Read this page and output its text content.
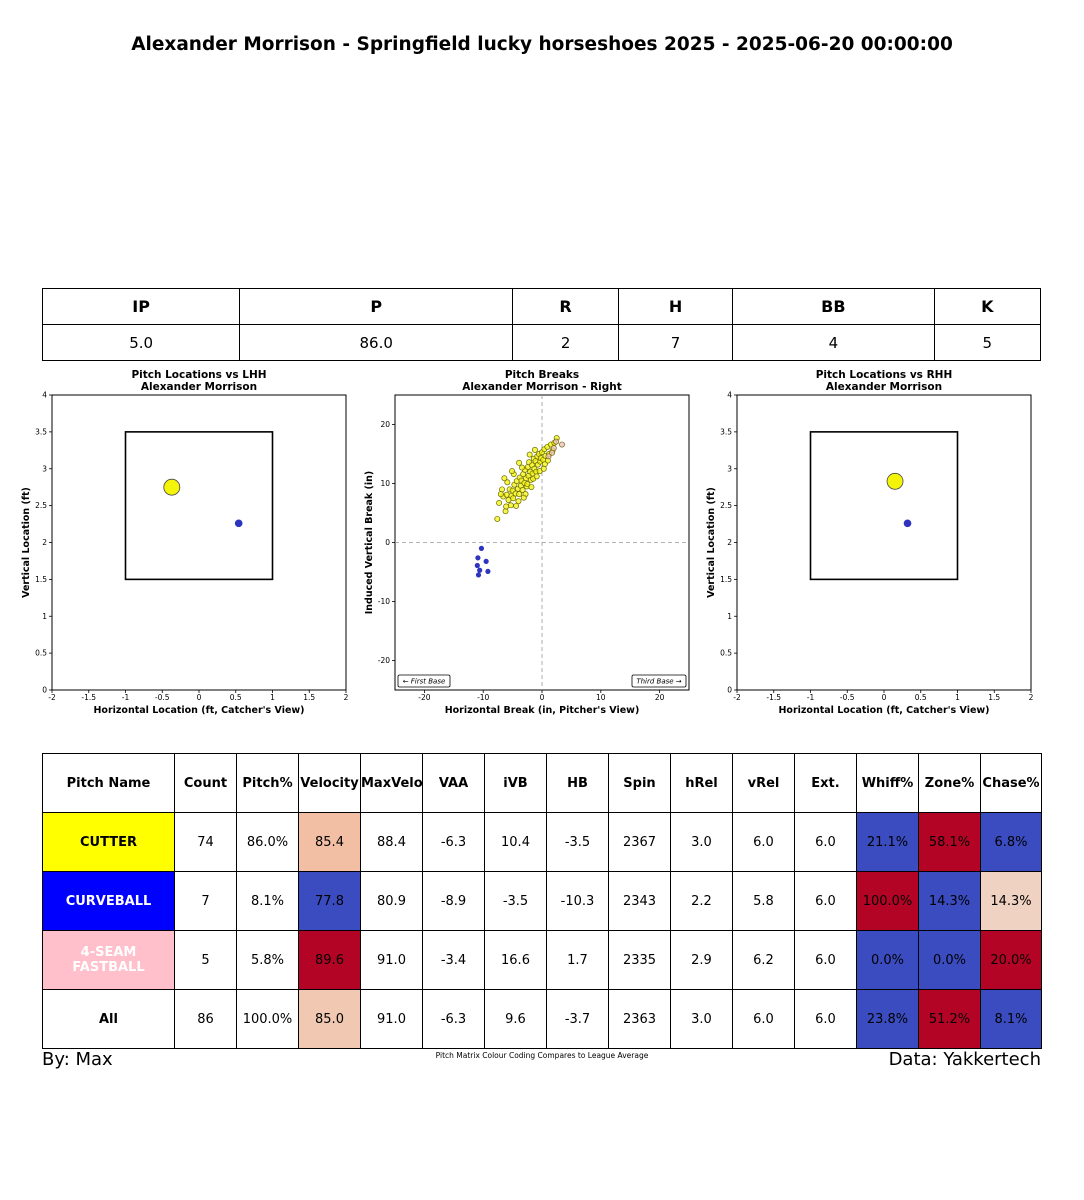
Alexander Morrison - Springfield lucky horseshoes 2025 - 2025-06-20 00:00:00
IP	P	R	H	BB	K
5.0	86.0	2	7	4	5
Pitch Locations vs LHH
Alexander Morrison
-2	-1.5	-1	-0.5	0	0.5	1	1.5	2
0
0.5
1
1.5
2
2.5
3
3.5
4
Horizontal Location (ft, Catcher's View)
Vertical Location (ft)
Pitch Breaks
Alexander Morrison - Right
-20	-10	0	10	20
-20
-10
0
10
20
Horizontal Break (in, Pitcher's View)
Induced Vertical Break (in)
← First Base	Third Base →
Pitch Locations vs RHH
Alexander Morrison
-2	-1.5	-1	-0.5	0	0.5	1	1.5	2
0
0.5
1
1.5
2
2.5
3
3.5
4
Horizontal Location (ft, Catcher's View)
Vertical Location (ft)
Pitch Name	Count	Pitch%	Velocity	MaxVelo	VAA	iVB	HB	Spin	hRel	vRel	Ext.	Whiff%	Zone%	Chase%
CUTTER	74	86.0%	85.4	88.4	-6.3	10.4	-3.5	2367	3.0	6.0	6.0	21.1%	58.1%	6.8%
CURVEBALL	7	8.1%	77.8	80.9	-8.9	-3.5	-10.3	2343	2.2	5.8	6.0	100.0%	14.3%	14.3%
4-SEAM FASTBALL	5	5.8%	89.6	91.0	-3.4	16.6	1.7	2335	2.9	6.2	6.0	0.0%	0.0%	20.0%
All	86	100.0%	85.0	91.0	-6.3	9.6	-3.7	2363	3.0	6.0	6.0	23.8%	51.2%	8.1%
By: Max	Pitch Matrix Colour Coding Compares to League Average	Data: Yakkertech
